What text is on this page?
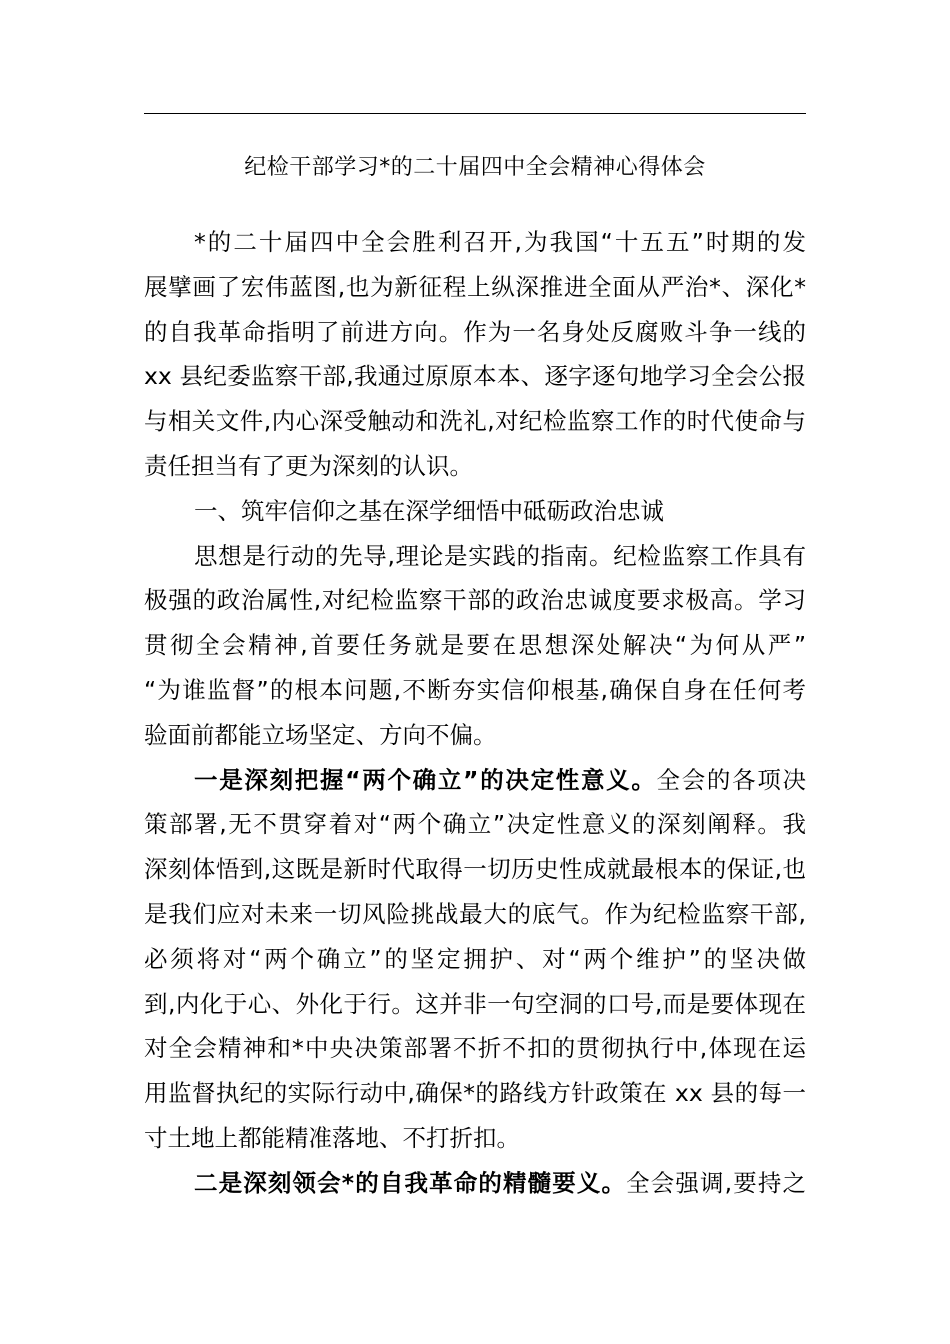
纪检干部学习*的二十届四中全会精神心得体会
*的二十届四中全会胜利召开,为我国“十五五”时期的发
展擘画了宏伟蓝图,也为新征程上纵深推进全面从严治*、深化*
的自我革命指明了前进方向。作为一名身处反腐败斗争一线的
xx 县纪委监察干部,我通过原原本本、逐字逐句地学习全会公报
与相关文件,内心深受触动和洗礼,对纪检监察工作的时代使命与
责任担当有了更为深刻的认识。
一、筑牢信仰之基在深学细悟中砥砺政治忠诚
思想是行动的先导,理论是实践的指南。纪检监察工作具有
极强的政治属性,对纪检监察干部的政治忠诚度要求极高。学习
贯彻全会精神,首要任务就是要在思想深处解决“为何从严”
“为谁监督”的根本问题,不断夯实信仰根基,确保自身在任何考
验面前都能立场坚定、方向不偏。
一是深刻把握“两个确立”的决定性意义。全会的各项决
策部署,无不贯穿着对“两个确立”决定性意义的深刻阐释。我
深刻体悟到,这既是新时代取得一切历史性成就最根本的保证,也
是我们应对未来一切风险挑战最大的底气。作为纪检监察干部,
必须将对“两个确立”的坚定拥护、对“两个维护”的坚决做
到,内化于心、外化于行。这并非一句空洞的口号,而是要体现在
对全会精神和*中央决策部署不折不扣的贯彻执行中,体现在运
用监督执纪的实际行动中,确保*的路线方针政策在 xx 县的每一
寸土地上都能精准落地、不打折扣。
二是深刻领会*的自我革命的精髓要义。全会强调,要持之
